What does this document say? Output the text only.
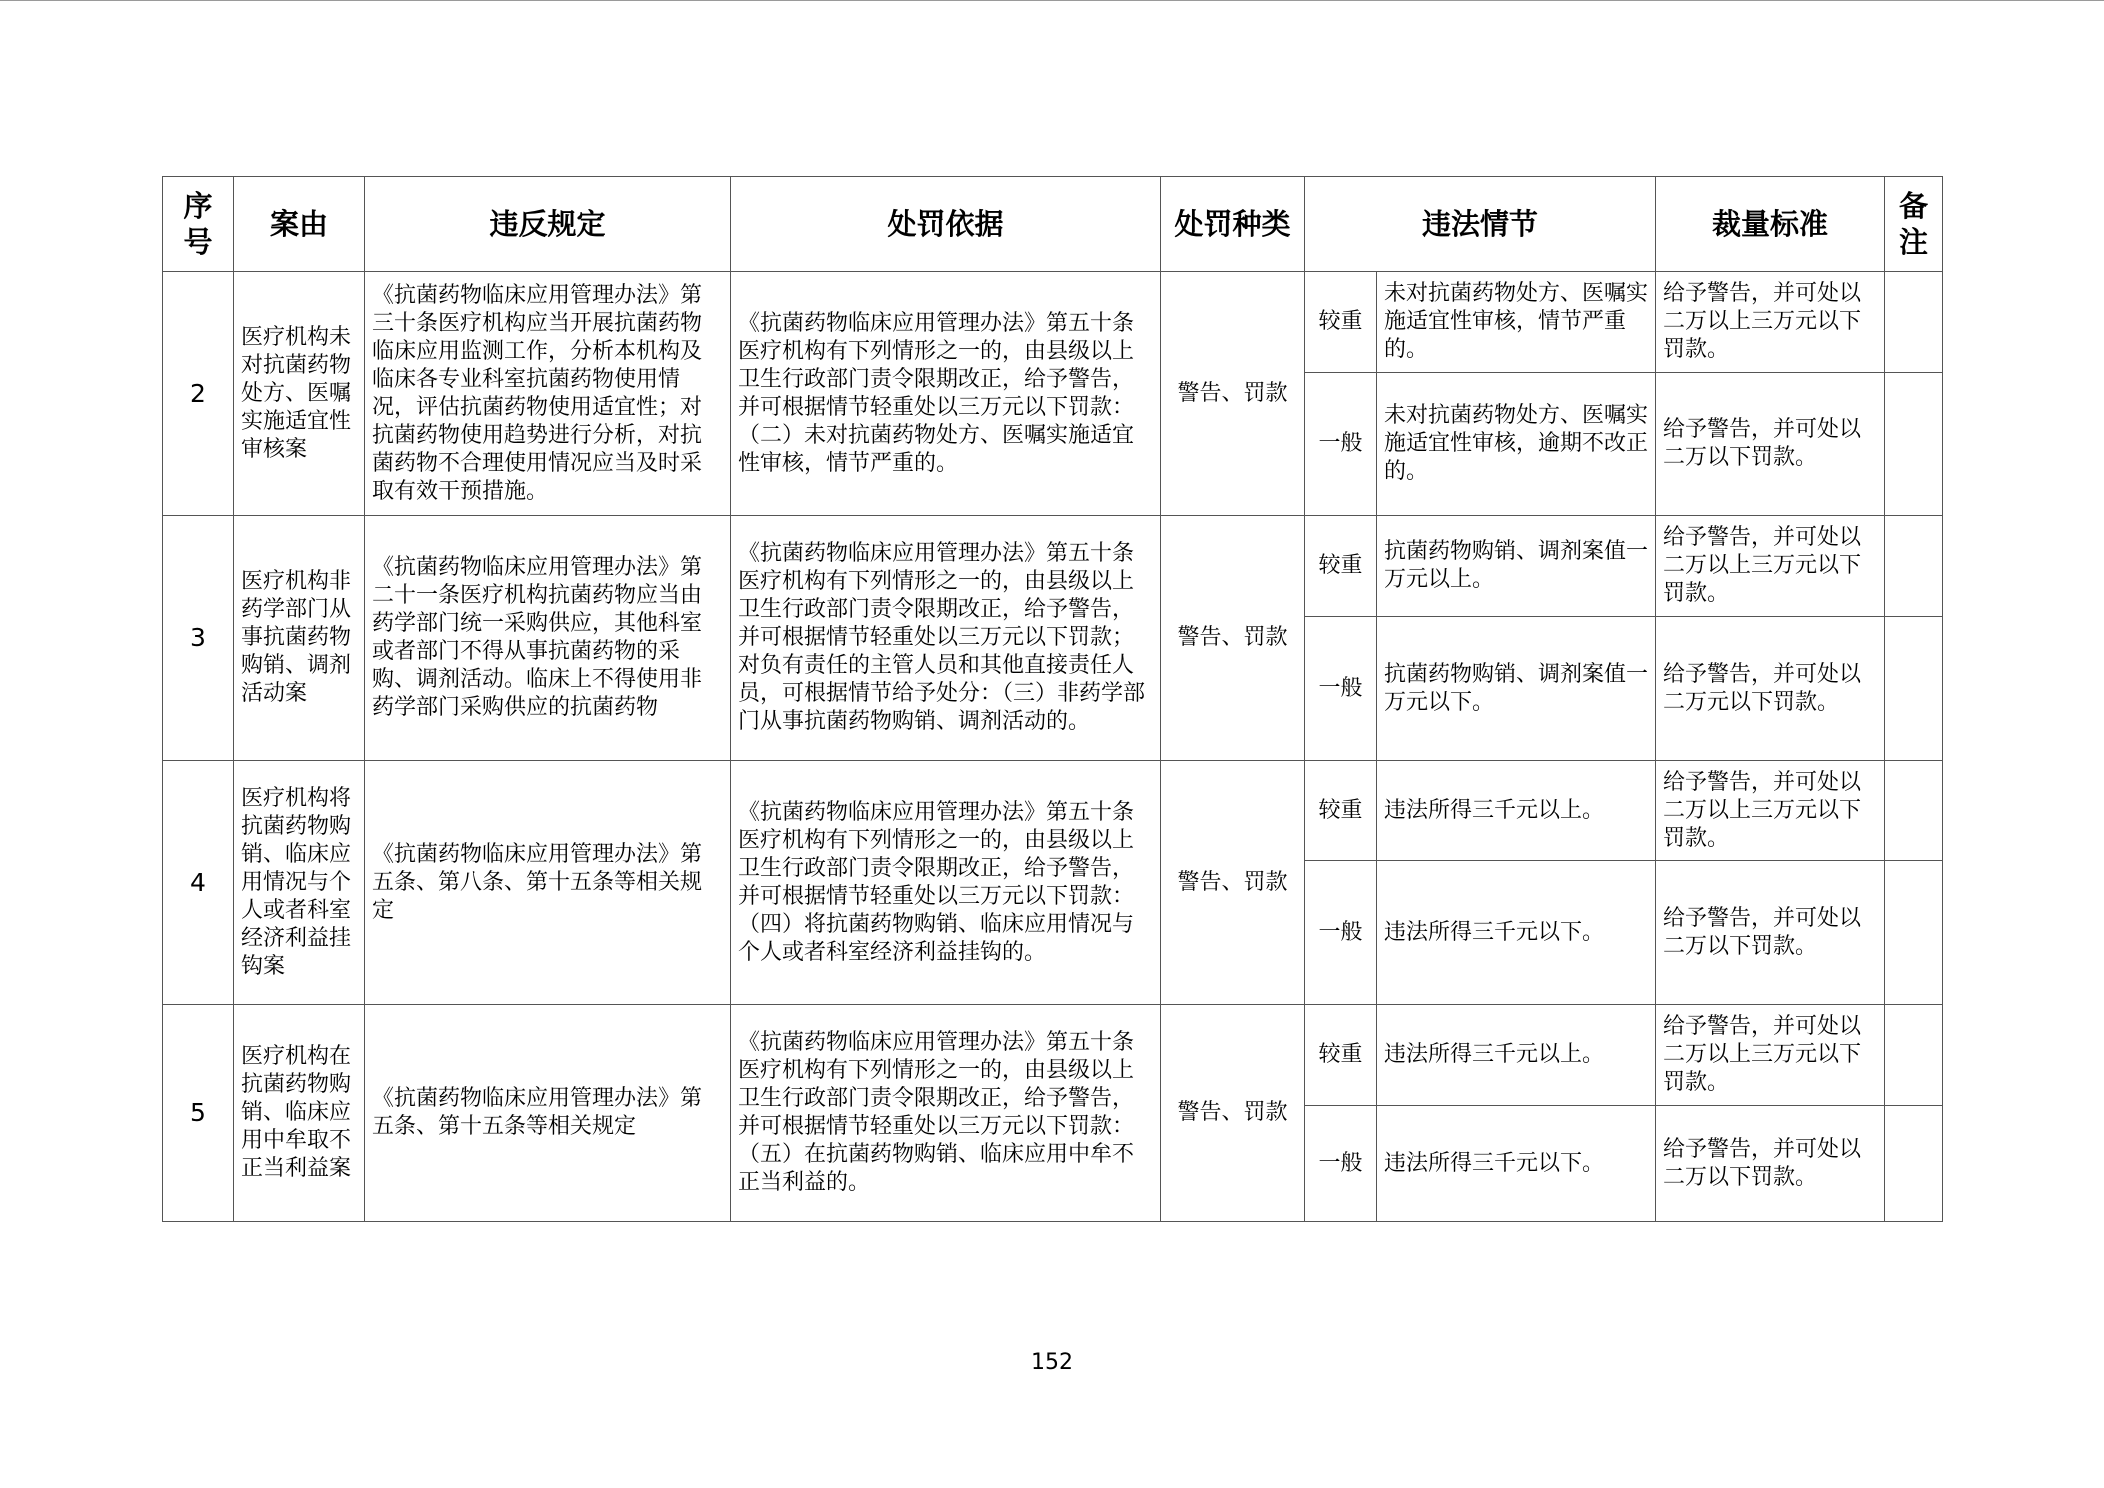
序号	案由	违反规定	处罚依据	处罚种类	违法情节		裁量标准	备注
2	医疗机构未对抗菌药物处方、医嘱实施适宜性审核案	《抗菌药物临床应用管理办法》第三十条医疗机构应当开展抗菌药物临床应用监测工作，分析本机构及临床各专业科室抗菌药物使用情况，评估抗菌药物使用适宜性；对抗菌药物使用趋势进行分析，对抗菌药物不合理使用情况应当及时采取有效干预措施。	《抗菌药物临床应用管理办法》第五十条医疗机构有下列情形之一的，由县级以上卫生行政部门责令限期改正，给予警告，并可根据情节轻重处以三万元以下罚款：
（二）未对抗菌药物处方、医嘱实施适宜性审核，情节严重的。	警告、罚款	较重	未对抗菌药物处方、医嘱实施适宜性审核，情节严重的。	给予警告，并可处以二万以上三万元以下罚款。	
					一般	未对抗菌药物处方、医嘱实施适宜性审核，逾期不改正的。	给予警告，并可处以二万以下罚款。	
3	医疗机构非药学部门从事抗菌药物购销、调剂活动案	《抗菌药物临床应用管理办法》第二十一条医疗机构抗菌药物应当由药学部门统一采购供应，其他科室或者部门不得从事抗菌药物的采购、调剂活动。临床上不得使用非药学部门采购供应的抗菌药物	《抗菌药物临床应用管理办法》第五十条医疗机构有下列情形之一的，由县级以上卫生行政部门责令限期改正，给予警告，并可根据情节轻重处以三万元以下罚款；对负有责任的主管人员和其他直接责任人员，可根据情节给予处分：（三）非药学部门从事抗菌药物购销、调剂活动的。	警告、罚款	较重	抗菌药物购销、调剂案值一万元以上。	给予警告，并可处以二万以上三万元以下罚款。	
					一般	抗菌药物购销、调剂案值一万元以下。	给予警告，并可处以二万元以下罚款。	
4	医疗机构将抗菌药物购销、临床应用情况与个人或者科室经济利益挂钩案	《抗菌药物临床应用管理办法》第五条、第八条、第十五条等相关规定	《抗菌药物临床应用管理办法》第五十条医疗机构有下列情形之一的，由县级以上卫生行政部门责令限期改正，给予警告，并可根据情节轻重处以三万元以下罚款：（四）将抗菌药物购销、临床应用情况与个人或者科室经济利益挂钩的。	警告、罚款	较重	违法所得三千元以上。	给予警告，并可处以二万以上三万元以下罚款。	
					一般	违法所得三千元以下。	给予警告，并可处以二万以下罚款。	
5	医疗机构在抗菌药物购销、临床应用中牟取不正当利益案	《抗菌药物临床应用管理办法》第五条、第十五条等相关规定	《抗菌药物临床应用管理办法》第五十条医疗机构有下列情形之一的，由县级以上卫生行政部门责令限期改正，给予警告，并可根据情节轻重处以三万元以下罚款：
（五）在抗菌药物购销、临床应用中牟不正当利益的。	警告、罚款	较重	违法所得三千元以上。	给予警告，并可处以二万以上三万元以下罚款。	
					一般	违法所得三千元以下。	给予警告，并可处以二万以下罚款。	
152
